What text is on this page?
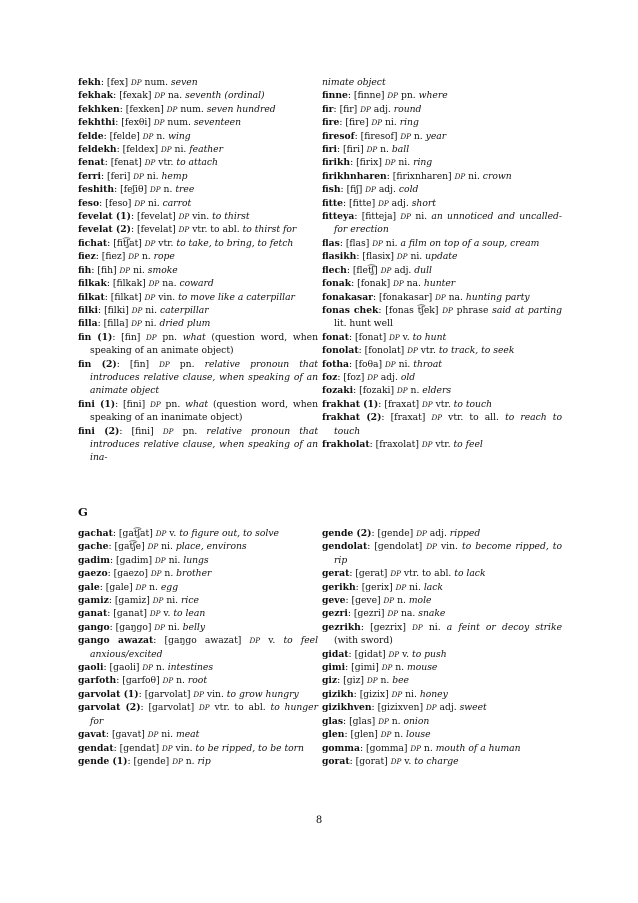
fekh: [fex] DP num. seven
fekhak: [fexak] DP na. seventh (ordinal)
fekhken: [fexken] DP num. seven hundred
fekhthi: [fexθi] DP num. seventeen
felde: [felde] DP n. wing
feldekh: [feldex] DP ni. feather
fenat: [fenat] DP vtr. to attach
ferri: [feri] DP ni. hemp
feshith: [feʃiθ] DP n. tree
feso: [feso] DP ni. carrot
fevelat (1): [fevelat] DP vin. to thirst
fevelat (2): [fevelat] DP vtr. to abl. to thirst for
fichat: [fit͡ʃat] DP vtr. to take, to bring, to fetch
fiez: [fiez] DP n. rope
fih: [fih] DP ni. smoke
filkak: [filkak] DP na. coward
filkat: [filkat] DP vin. to move like a caterpillar
filki: [filki] DP ni. caterpillar
filla: [filla] DP ni. dried plum
fin (1): [fin] DP pn. what (question word, when speaking of an animate object)
fin (2): [fin] DP pn. relative pronoun that introduces relative clause, when speaking of an animate object
fini (1): [fini] DP pn. what (question word, when speaking of an inanimate object)
fini (2): [fini] DP pn. relative pronoun that introduces relative clause, when speaking of an ina-
nimate object
finne: [finne] DP pn. where
fir: [fir] DP adj. round
fire: [fire] DP ni. ring
firesof: [firesof] DP n. year
firi: [firi] DP n. ball
firikh: [firix] DP ni. ring
firikhnharen: [firixnharen] DP ni. crown
fish: [fiʃ] DP adj. cold
fitte: [fitte] DP adj. short
fitteya: [fitteja] DP ni. an unnoticed and uncalled-for erection
flas: [flas] DP ni. a film on top of a soup, cream
flasikh: [flasix] DP ni. update
flech: [flet͡ʃ] DP adj. dull
fonak: [fonak] DP na. hunter
fonakasar: [fonakasar] DP na. hunting party
fonas chek: [fonas t͡ʃek] DP phrase said at parting lit. hunt well
fonat: [fonat] DP v. to hunt
fonolat: [fonolat] DP vtr. to track, to seek
fotha: [foθa] DP ni. throat
foz: [foz] DP adj. old
fozaki: [fozaki] DP n. elders
frakhat (1): [fraxat] DP vtr. to touch
frakhat (2): [fraxat] DP vtr. to all. to reach to touch
frakholat: [fraxolat] DP vtr. to feel
G
gachat: [gat͡ʃat] DP v. to figure out, to solve
gache: [gat͡ʃe] DP ni. place, environs
gadim: [gadim] DP ni. lungs
gaezo: [gaezo] DP n. brother
gale: [gale] DP n. egg
gamiz: [gamiz] DP ni. rice
ganat: [ganat] DP v. to lean
gango: [gaŋgo] DP ni. belly
gango awazat: [gaŋgo awazat] DP v. to feel anxious/excited
gaoli: [gaoli] DP n. intestines
garfoth: [garfoθ] DP n. root
garvolat (1): [garvolat] DP vin. to grow hungry
garvolat (2): [garvolat] DP vtr. to abl. to hunger for
gavat: [gavat] DP ni. meat
gendat: [gendat] DP vin. to be ripped, to be torn
gende (1): [gende] DP n. rip
gende (2): [gende] DP adj. ripped
gendolat: [gendolat] DP vin. to become ripped, to rip
gerat: [gerat] DP vtr. to abl. to lack
gerikh: [gerix] DP ni. lack
geve: [geve] DP n. mole
gezri: [gezri] DP na. snake
gezrikh: [gezrix] DP ni. a feint or decoy strike (with sword)
gidat: [gidat] DP v. to push
gimi: [gimi] DP n. mouse
giz: [giz] DP n. bee
gizikh: [gizix] DP ni. honey
gizikhven: [gizixven] DP adj. sweet
glas: [glas] DP n. onion
glen: [glen] DP n. louse
gomma: [gomma] DP n. mouth of a human
gorat: [gorat] DP v. to charge
8
